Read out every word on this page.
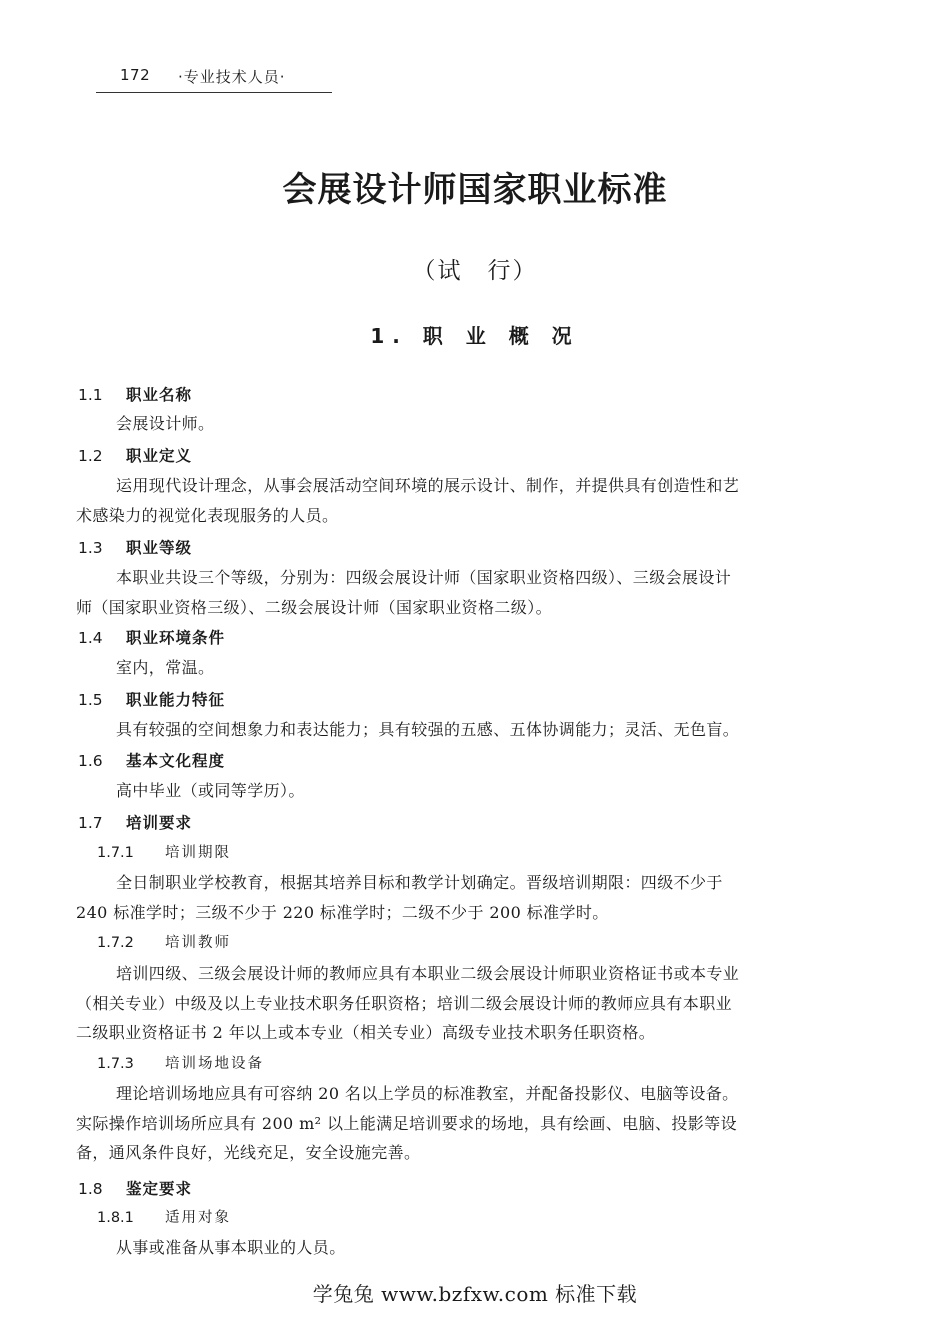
172 ·专业技术人员·
会展设计师国家职业标准
（试　行）
1. 职 业 概 况
1.1 职业名称
会展设计师。
1.2 职业定义
运用现代设计理念，从事会展活动空间环境的展示设计、制作，并提供具有创造性和艺
术感染力的视觉化表现服务的人员。
1.3 职业等级
本职业共设三个等级，分别为：四级会展设计师（国家职业资格四级）、三级会展设计
师（国家职业资格三级）、二级会展设计师（国家职业资格二级）。
1.4 职业环境条件
室内，常温。
1.5 职业能力特征
具有较强的空间想象力和表达能力；具有较强的五感、五体协调能力；灵活、无色盲。
1.6 基本文化程度
高中毕业（或同等学历）。
1.7 培训要求
1.7.1 培训期限
全日制职业学校教育，根据其培养目标和教学计划确定。晋级培训期限：四级不少于
240 标准学时；三级不少于 220 标准学时；二级不少于 200 标准学时。
1.7.2 培训教师
培训四级、三级会展设计师的教师应具有本职业二级会展设计师职业资格证书或本专业
（相关专业）中级及以上专业技术职务任职资格；培训二级会展设计师的教师应具有本职业
二级职业资格证书 2 年以上或本专业（相关专业）高级专业技术职务任职资格。
1.7.3 培训场地设备
理论培训场地应具有可容纳 20 名以上学员的标准教室，并配备投影仪、电脑等设备。
实际操作培训场所应具有 200 m² 以上能满足培训要求的场地，具有绘画、电脑、投影等设
备，通风条件良好，光线充足，安全设施完善。
1.8 鉴定要求
1.8.1 适用对象
从事或准备从事本职业的人员。
学兔兔 www.bzfxw.com 标准下载
